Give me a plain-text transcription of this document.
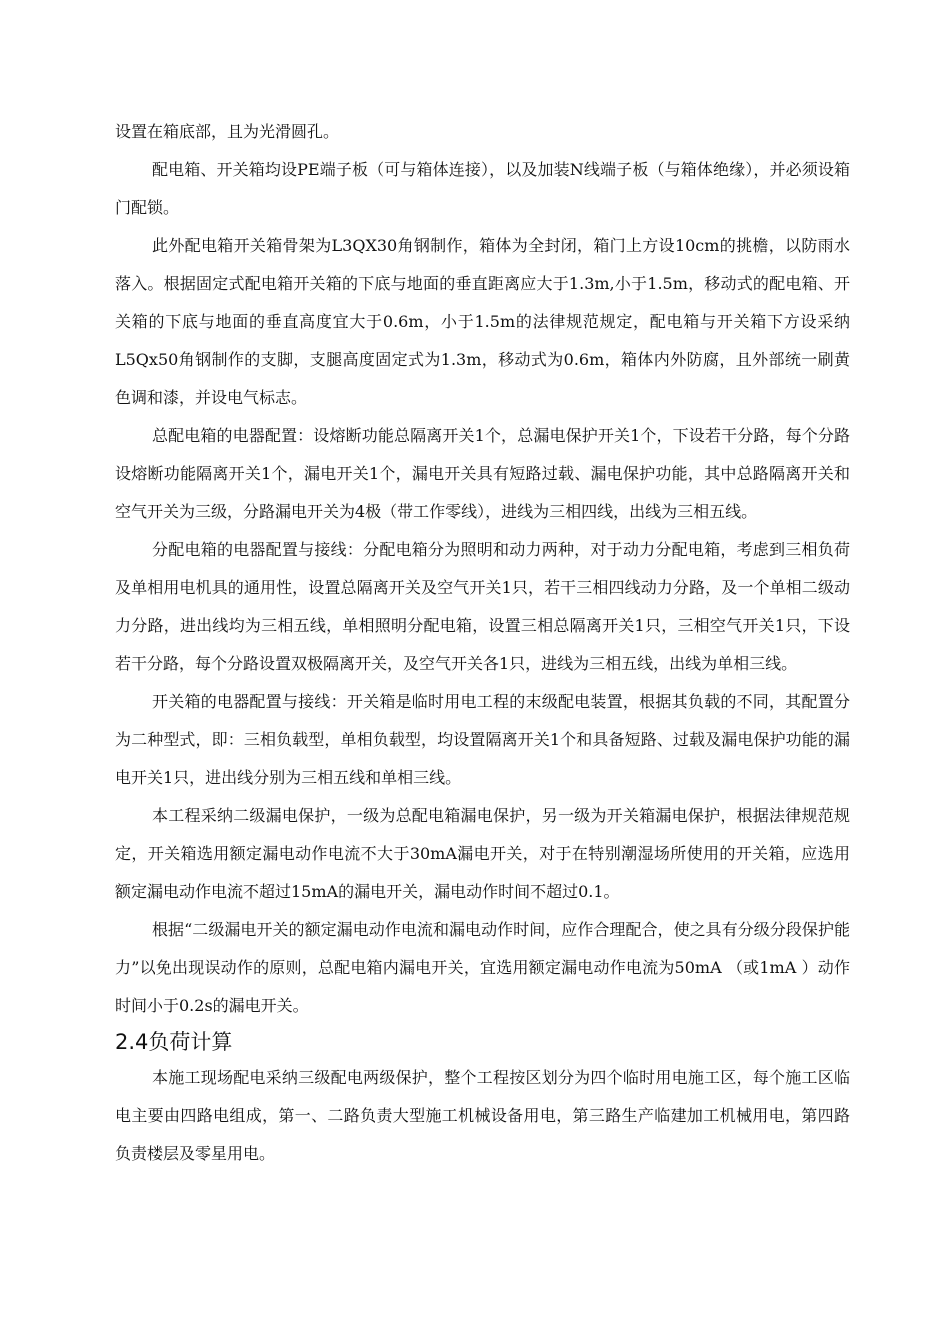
设置在箱底部，且为光滑圆孔。

配电箱、开关箱均设PE端子板（可与箱体连接），以及加装N线端子板（与箱体绝缘），并必须设箱门配锁。

此外配电箱开关箱骨架为L3QX30角钢制作，箱体为全封闭，箱门上方设10cm的挑檐，以防雨水落入。根据固定式配电箱开关箱的下底与地面的垂直距离应大于1.3m,小于1.5m，移动式的配电箱、开关箱的下底与地面的垂直高度宜大于0.6m，小于1.5m的法律规范规定，配电箱与开关箱下方设采纳L5Qx50角钢制作的支脚，支腿高度固定式为1.3m，移动式为0.6m，箱体内外防腐，且外部统一刷黄色调和漆，并设电气标志。

总配电箱的电器配置：设熔断功能总隔离开关1个，总漏电保护开关1个，下设若干分路，每个分路设熔断功能隔离开关1个，漏电开关1个，漏电开关具有短路过载、漏电保护功能，其中总路隔离开关和空气开关为三级，分路漏电开关为4极（带工作零线），进线为三相四线，出线为三相五线。

分配电箱的电器配置与接线：分配电箱分为照明和动力两种，对于动力分配电箱，考虑到三相负荷及单相用电机具的通用性，设置总隔离开关及空气开关1只，若干三相四线动力分路，及一个单相二级动力分路，进出线均为三相五线，单相照明分配电箱，设置三相总隔离开关1只，三相空气开关1只，下设若干分路，每个分路设置双极隔离开关，及空气开关各1只，进线为三相五线，出线为单相三线。

开关箱的电器配置与接线：开关箱是临时用电工程的末级配电装置，根据其负载的不同，其配置分为二种型式，即：三相负载型，单相负载型，均设置隔离开关1个和具备短路、过载及漏电保护功能的漏电开关1只，进出线分别为三相五线和单相三线。

本工程采纳二级漏电保护，一级为总配电箱漏电保护，另一级为开关箱漏电保护，根据法律规范规定，开关箱选用额定漏电动作电流不大于30mA漏电开关，对于在特别潮湿场所使用的开关箱，应选用额定漏电动作电流不超过15mA的漏电开关，漏电动作时间不超过0.1。

根据“二级漏电开关的额定漏电动作电流和漏电动作时间，应作合理配合，使之具有分级分段保护能力”以免出现误动作的原则，总配电箱内漏电开关，宜选用额定漏电动作电流为50mA （或1mA ）动作时间小于0.2s的漏电开关。

2.4负荷计算

本施工现场配电采纳三级配电两级保护，整个工程按区划分为四个临时用电施工区，每个施工区临电主要由四路电组成，第一、二路负责大型施工机械设备用电，第三路生产临建加工机械用电，第四路负责楼层及零星用电。
